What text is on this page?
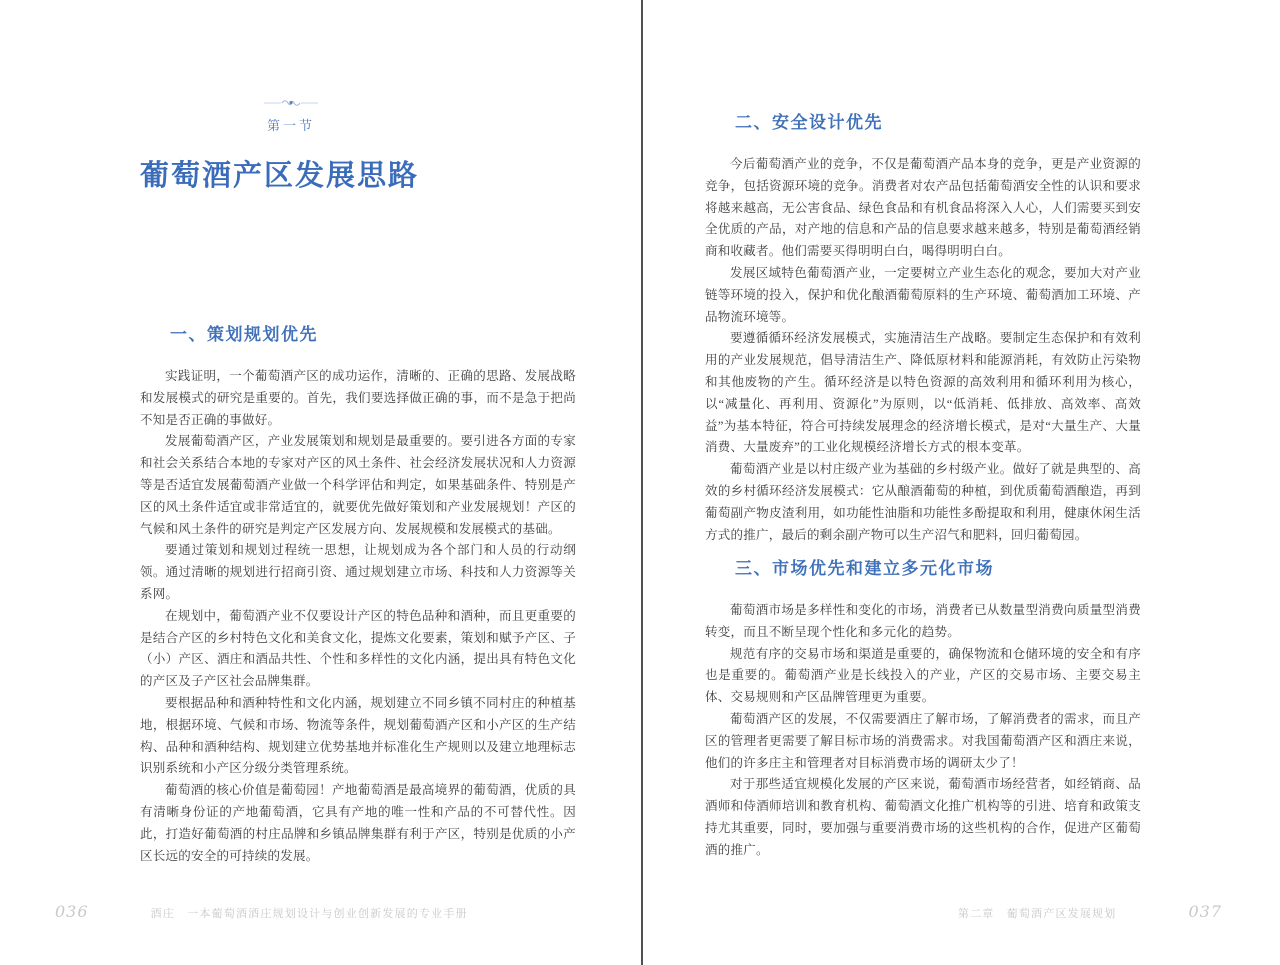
第一节
葡萄酒产区发展思路
一、策划规划优先

实践证明，一个葡萄酒产区的成功运作，清晰的、正确的思路、发展战略和发展模式的研究是重要的。首先，我们要选择做正确的事，而不是急于把尚不知是否正确的事做好。

发展葡萄酒产区，产业发展策划和规划是最重要的。要引进各方面的专家和社会关系结合本地的专家对产区的风土条件、社会经济发展状况和人力资源等是否适宜发展葡萄酒产业做一个科学评估和判定，如果基础条件、特别是产区的风土条件适宜或非常适宜的，就要优先做好策划和产业发展规划！产区的气候和风土条件的研究是判定产区发展方向、发展规模和发展模式的基础。

要通过策划和规划过程统一思想，让规划成为各个部门和人员的行动纲领。通过清晰的规划进行招商引资、通过规划建立市场、科技和人力资源等关系网。

在规划中，葡萄酒产业不仅要设计产区的特色品种和酒种，而且更重要的是结合产区的乡村特色文化和美食文化，提炼文化要素，策划和赋予产区、子（小）产区、酒庄和酒品共性、个性和多样性的文化内涵，提出具有特色文化的产区及子产区社会品牌集群。

要根据品种和酒种特性和文化内涵，规划建立不同乡镇不同村庄的种植基地，根据环境、气候和市场、物流等条件，规划葡萄酒产区和小产区的生产结构、品种和酒种结构、规划建立优势基地并标准化生产规则以及建立地理标志识别系统和小产区分级分类管理系统。

葡萄酒的核心价值是葡萄园！产地葡萄酒是最高境界的葡萄酒，优质的具有清晰身份证的产地葡萄酒，它具有产地的唯一性和产品的不可替代性。因此，打造好葡萄酒的村庄品牌和乡镇品牌集群有利于产区，特别是优质的小产区长远的安全的可持续的发展。

036	酒庄　一本葡萄酒酒庄规划设计与创业创新发展的专业手册
二、安全设计优先

今后葡萄酒产业的竞争，不仅是葡萄酒产品本身的竞争，更是产业资源的竞争，包括资源环境的竞争。消费者对农产品包括葡萄酒安全性的认识和要求将越来越高，无公害食品、绿色食品和有机食品将深入人心，人们需要买到安全优质的产品，对产地的信息和产品的信息要求越来越多，特别是葡萄酒经销商和收藏者。他们需要买得明明白白，喝得明明白白。

发展区域特色葡萄酒产业，一定要树立产业生态化的观念，要加大对产业链等环境的投入，保护和优化酿酒葡萄原料的生产环境、葡萄酒加工环境、产品物流环境等。

要遵循循环经济发展模式，实施清洁生产战略。要制定生态保护和有效利用的产业发展规范，倡导清洁生产、降低原材料和能源消耗，有效防止污染物和其他废物的产生。循环经济是以特色资源的高效利用和循环利用为核心，以“减量化、再利用、资源化”为原则，以“低消耗、低排放、高效率、高效益”为基本特征，符合可持续发展理念的经济增长模式，是对“大量生产、大量消费、大量废弃”的工业化规模经济增长方式的根本变革。

葡萄酒产业是以村庄级产业为基础的乡村级产业。做好了就是典型的、高效的乡村循环经济发展模式：它从酿酒葡萄的种植，到优质葡萄酒酿造，再到葡萄副产物皮渣利用，如功能性油脂和功能性多酚提取和利用，健康休闲生活方式的推广，最后的剩余副产物可以生产沼气和肥料，回归葡萄园。

三、市场优先和建立多元化市场

葡萄酒市场是多样性和变化的市场，消费者已从数量型消费向质量型消费转变，而且不断呈现个性化和多元化的趋势。

规范有序的交易市场和渠道是重要的，确保物流和仓储环境的安全和有序也是重要的。葡萄酒产业是长线投入的产业，产区的交易市场、主要交易主体、交易规则和产区品牌管理更为重要。

葡萄酒产区的发展，不仅需要酒庄了解市场，了解消费者的需求，而且产区的管理者更需要了解目标市场的消费需求。对我国葡萄酒产区和酒庄来说，他们的许多庄主和管理者对目标消费市场的调研太少了！

对于那些适宜规模化发展的产区来说，葡萄酒市场经营者，如经销商、品酒师和侍酒师培训和教育机构、葡萄酒文化推广机构等的引进、培育和政策支持尤其重要，同时，要加强与重要消费市场的这些机构的合作，促进产区葡萄酒的推广。

第二章　葡萄酒产区发展规划	037
